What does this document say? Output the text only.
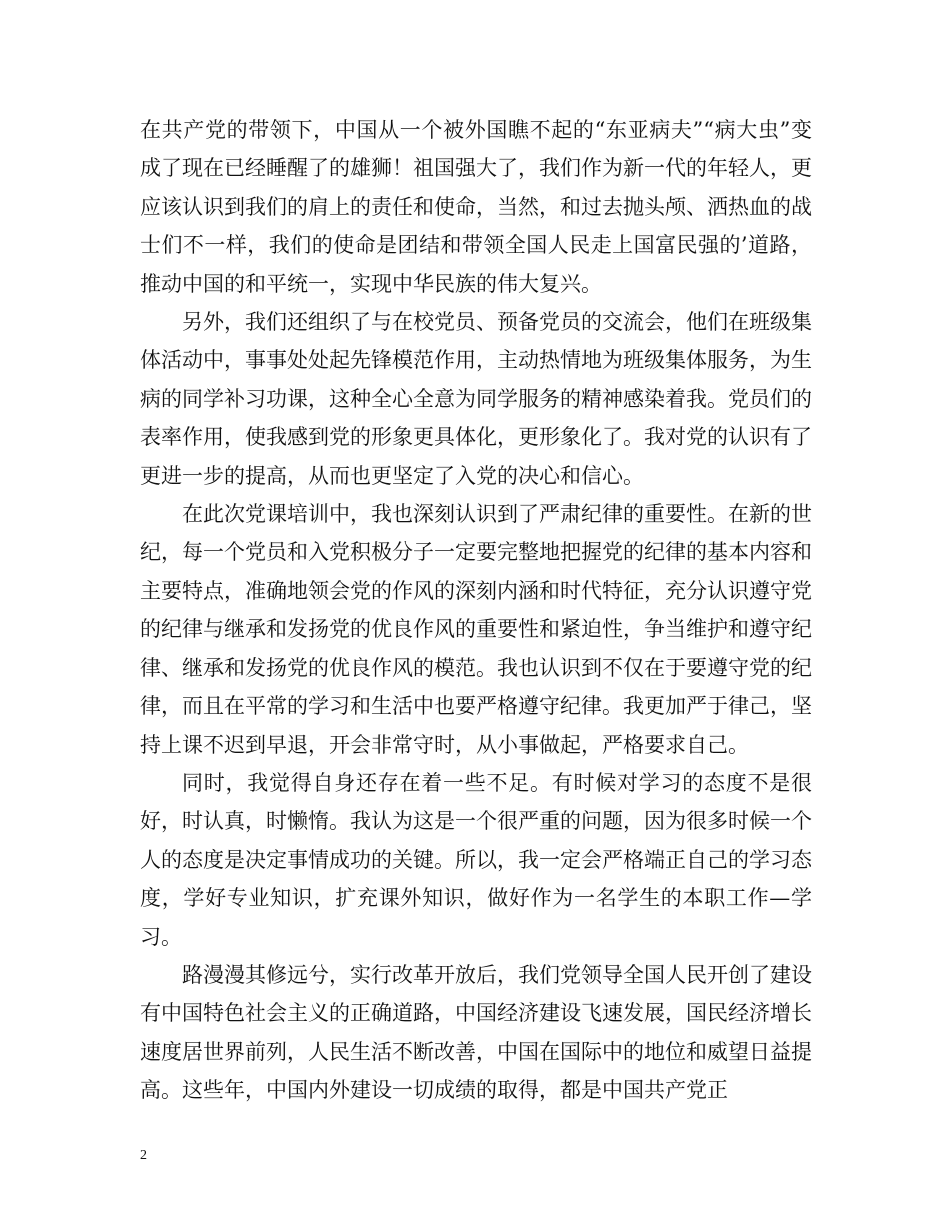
在共产党的带领下，中国从一个被外国瞧不起的“东亚病夫”“病大虫”变成了现在已经睡醒了的雄狮！祖国强大了，我们作为新一代的年轻人，更应该认识到我们的肩上的责任和使命，当然，和过去抛头颅、洒热血的战士们不一样，我们的使命是团结和带领全国人民走上国富民强的’道路，推动中国的和平统一，实现中华民族的伟大复兴。

另外，我们还组织了与在校党员、预备党员的交流会，他们在班级集体活动中，事事处处起先锋模范作用，主动热情地为班级集体服务，为生病的同学补习功课，这种全心全意为同学服务的精神感染着我。党员们的表率作用，使我感到党的形象更具体化，更形象化了。我对党的认识有了更进一步的提高，从而也更坚定了入党的决心和信心。

在此次党课培训中，我也深刻认识到了严肃纪律的重要性。在新的世纪，每一个党员和入党积极分子一定要完整地把握党的纪律的基本内容和主要特点，准确地领会党的作风的深刻内涵和时代特征，充分认识遵守党的纪律与继承和发扬党的优良作风的重要性和紧迫性，争当维护和遵守纪律、继承和发扬党的优良作风的模范。我也认识到不仅在于要遵守党的纪律，而且在平常的学习和生活中也要严格遵守纪律。我更加严于律己，坚持上课不迟到早退，开会非常守时，从小事做起，严格要求自己。

同时，我觉得自身还存在着一些不足。有时候对学习的态度不是很好，时认真，时懒惰。我认为这是一个很严重的问题，因为很多时候一个人的态度是决定事情成功的关键。所以，我一定会严格端正自己的学习态度，学好专业知识，扩充课外知识，做好作为一名学生的本职工作—学习。

路漫漫其修远兮，实行改革开放后，我们党领导全国人民开创了建设有中国特色社会主义的正确道路，中国经济建设飞速发展，国民经济增长速度居世界前列，人民生活不断改善，中国在国际中的地位和威望日益提高。这些年，中国内外建设一切成绩的取得，都是中国共产党正

2
